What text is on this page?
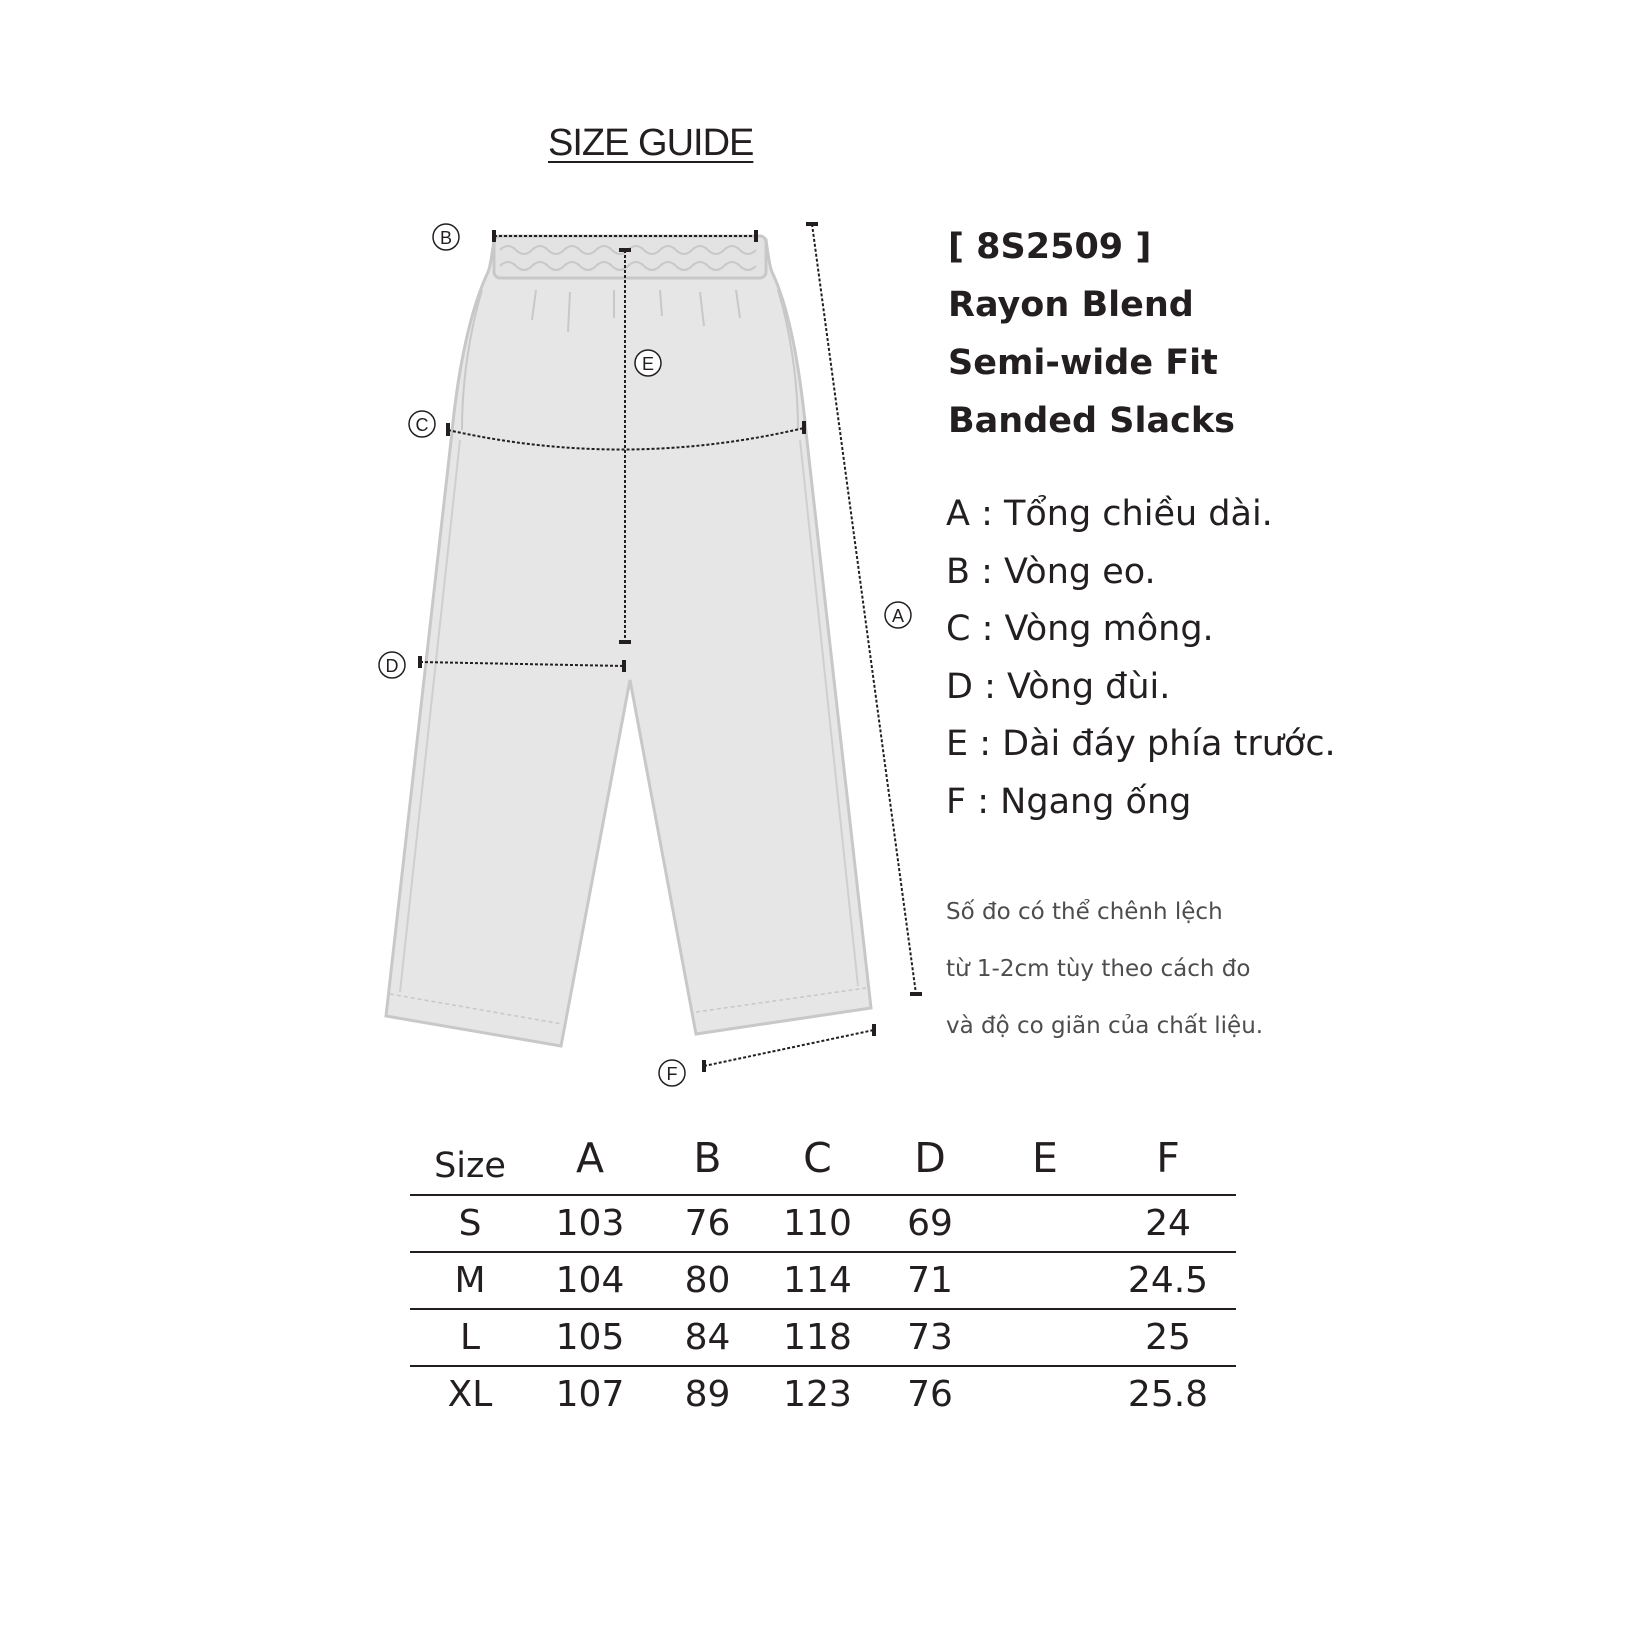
SIZE GUIDE
B
E
C
D
A
F
[ 8S2509 ]
Rayon Blend
Semi-wide Fit
Banded Slacks
A : Tổng chiều dài.
B : Vòng eo.
C : Vòng mông.
D : Vòng đùi.
E : Dài đáy phía trước.
F : Ngang ống
Số đo có thể chênh lệch
từ 1-2cm tùy theo cách đo
và độ co giãn của chất liệu.
Size	A	B	C	D	E	F
S	103	76	110	69		24
M	104	80	114	71		24.5
L	105	84	118	73		25
XL	107	89	123	76		25.8
